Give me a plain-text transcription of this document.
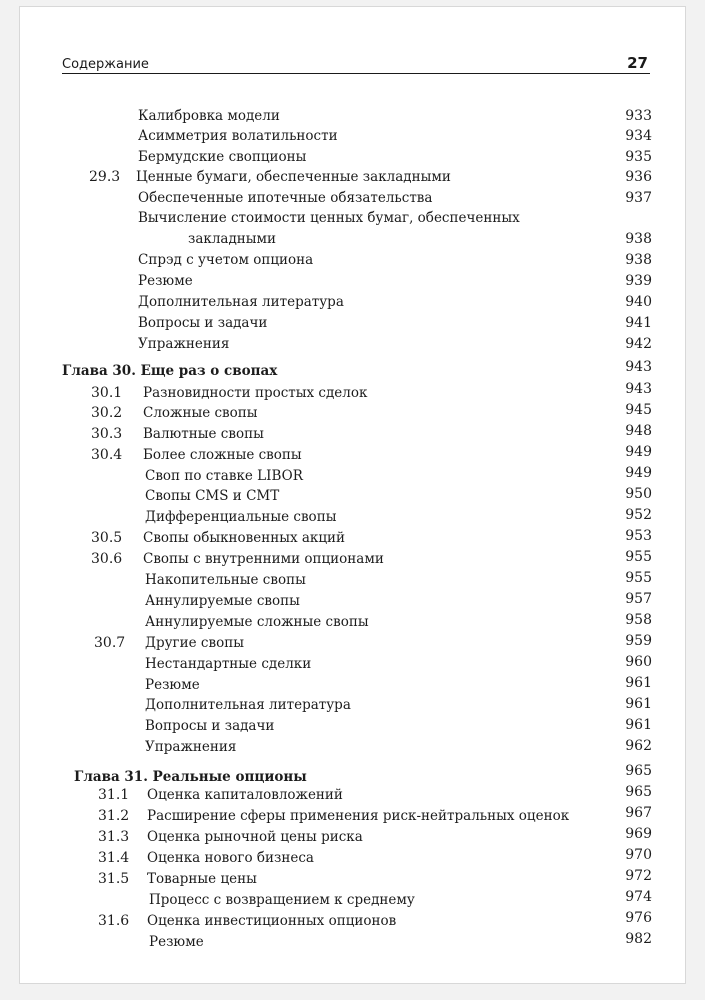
Содержание	27
Калибровка модели	933
Асимметрия волатильности	934
Бермудские свопционы	935
29.3 Ценные бумаги, обеспеченные закладными	936
Обеспеченные ипотечные обязательства	937
Вычисление стоимости ценных бумаг, обеспеченных
закладными	938
Спрэд с учетом опциона	938
Резюме	939
Дополнительная литература	940
Вопросы и задачи	941
Упражнения	942
Глава 30. Еще раз о свопах	943
30.1 Разновидности простых сделок	943
30.2 Сложные свопы	945
30.3 Валютные свопы	948
30.4 Более сложные свопы	949
Своп по ставке LIBOR	949
Свопы CMS и CMT	950
Дифференциальные свопы	952
30.5 Свопы обыкновенных акций	953
30.6 Свопы с внутренними опционами	955
Накопительные свопы	955
Аннулируемые свопы	957
Аннулируемые сложные свопы	958
30.7 Другие свопы	959
Нестандартные сделки	960
Резюме	961
Дополнительная литература	961
Вопросы и задачи	961
Упражнения	962
Глава 31. Реальные опционы	965
31.1 Оценка капиталовложений	965
31.2 Расширение сферы применения риск-нейтральных оценок	967
31.3 Оценка рыночной цены риска	969
31.4 Оценка нового бизнеса	970
31.5 Товарные цены	972
Процесс с возвращением к среднему	974
31.6 Оценка инвестиционных опционов	976
Резюме	982
